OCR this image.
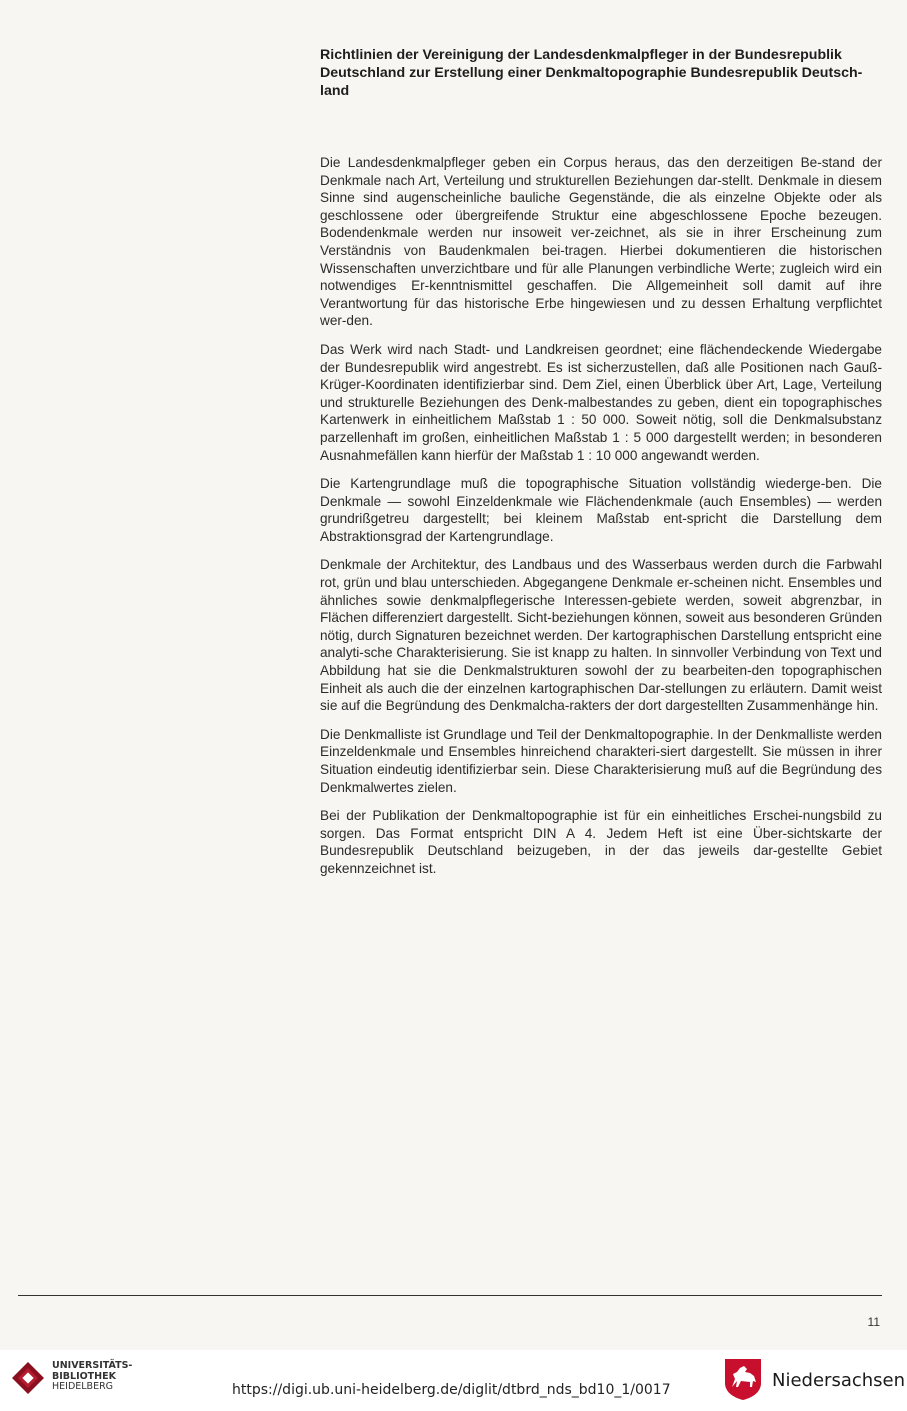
Richtlinien der Vereinigung der Landesdenkmalpfleger in der Bundesrepublik Deutschland zur Erstellung einer Denkmaltopographie Bundesrepublik Deutsch-land

Die Landesdenkmalpfleger geben ein Corpus heraus, das den derzeitigen Be-stand der Denkmale nach Art, Verteilung und strukturellen Beziehungen dar-stellt. Denkmale in diesem Sinne sind augenscheinliche bauliche Gegenstände, die als einzelne Objekte oder als geschlossene oder übergreifende Struktur eine abgeschlossene Epoche bezeugen. Bodendenkmale werden nur insoweit ver-zeichnet, als sie in ihrer Erscheinung zum Verständnis von Baudenkmalen bei-tragen. Hierbei dokumentieren die historischen Wissenschaften unverzichtbare und für alle Planungen verbindliche Werte; zugleich wird ein notwendiges Er-kenntnismittel geschaffen. Die Allgemeinheit soll damit auf ihre Verantwortung für das historische Erbe hingewiesen und zu dessen Erhaltung verpflichtet wer-den.

Das Werk wird nach Stadt- und Landkreisen geordnet; eine flächendeckende Wiedergabe der Bundesrepublik wird angestrebt. Es ist sicherzustellen, daß alle Positionen nach Gauß-Krüger-Koordinaten identifizierbar sind. Dem Ziel, einen Überblick über Art, Lage, Verteilung und strukturelle Beziehungen des Denk-malbestandes zu geben, dient ein topographisches Kartenwerk in einheitlichem Maßstab 1 : 50 000. Soweit nötig, soll die Denkmalsubstanz parzellenhaft im großen, einheitlichen Maßstab 1 : 5 000 dargestellt werden; in besonderen Ausnahmefällen kann hierfür der Maßstab 1 : 10 000 angewandt werden.

Die Kartengrundlage muß die topographische Situation vollständig wiederge-ben. Die Denkmale — sowohl Einzeldenkmale wie Flächendenkmale (auch Ensembles) — werden grundrißgetreu dargestellt; bei kleinem Maßstab ent-spricht die Darstellung dem Abstraktionsgrad der Kartengrundlage.

Denkmale der Architektur, des Landbaus und des Wasserbaus werden durch die Farbwahl rot, grün und blau unterschieden. Abgegangene Denkmale er-scheinen nicht. Ensembles und ähnliches sowie denkmalpflegerische Interessen-gebiete werden, soweit abgrenzbar, in Flächen differenziert dargestellt. Sicht-beziehungen können, soweit aus besonderen Gründen nötig, durch Signaturen bezeichnet werden. Der kartographischen Darstellung entspricht eine analyti-sche Charakterisierung. Sie ist knapp zu halten. In sinnvoller Verbindung von Text und Abbildung hat sie die Denkmalstrukturen sowohl der zu bearbeiten-den topographischen Einheit als auch die der einzelnen kartographischen Dar-stellungen zu erläutern. Damit weist sie auf die Begründung des Denkmalcha-rakters der dort dargestellten Zusammenhänge hin.

Die Denkmalliste ist Grundlage und Teil der Denkmaltopographie. In der Denkmalliste werden Einzeldenkmale und Ensembles hinreichend charakteri-siert dargestellt. Sie müssen in ihrer Situation eindeutig identifizierbar sein. Diese Charakterisierung muß auf die Begründung des Denkmalwertes zielen.

Bei der Publikation der Denkmaltopographie ist für ein einheitliches Erschei-nungsbild zu sorgen. Das Format entspricht DIN A 4. Jedem Heft ist eine Über-sichtskarte der Bundesrepublik Deutschland beizugeben, in der das jeweils dar-gestellte Gebiet gekennzeichnet ist.

11
UNIVERSITÄTS-
BIBLIOTHEK
HEIDELBERG	https://digi.ub.uni-heidelberg.de/diglit/dtbrd_nds_bd10_1/0017	Niedersachsen
